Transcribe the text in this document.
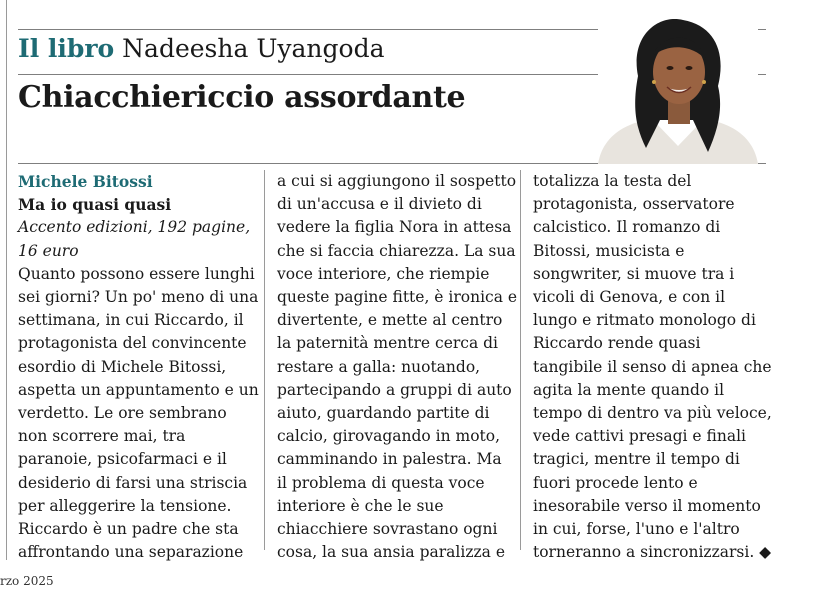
Il libro Nadeesha Uyangoda
Chiacchiericcio assordante

Michele Bitossi

Ma io quasi quasi

Accento edizioni, 192 pagine,

16 euro

Quanto possono essere lunghi

sei giorni? Un po' meno di una

settimana, in cui Riccardo, il

protagonista del convincente

esordio di Michele Bitossi,

aspetta un appuntamento e un

verdetto. Le ore sembrano

non scorrere mai, tra

paranoie, psicofarmaci e il

desiderio di farsi una striscia

per alleggerire la tensione.

Riccardo è un padre che sta

affrontando una separazione

a cui si aggiungono il sospetto

di un'accusa e il divieto di

vedere la figlia Nora in attesa

che si faccia chiarezza. La sua

voce interiore, che riempie

queste pagine fitte, è ironica e

divertente, e mette al centro

la paternità mentre cerca di

restare a galla: nuotando,

partecipando a gruppi di auto

aiuto, guardando partite di

calcio, girovagando in moto,

camminando in palestra. Ma

il problema di questa voce

interiore è che le sue

chiacchiere sovrastano ogni

cosa, la sua ansia paralizza e

totalizza la testa del

protagonista, osservatore

calcistico. Il romanzo di

Bitossi, musicista e

songwriter, si muove tra i

vicoli di Genova, e con il

lungo e ritmato monologo di

Riccardo rende quasi

tangibile il senso di apnea che

agita la mente quando il

tempo di dentro va più veloce,

vede cattivi presagi e finali

tragici, mentre il tempo di

fuori procede lento e

inesorabile verso il momento

in cui, forse, l'uno e l'altro

torneranno a sincronizzarsi. ◆

rzo 2025
